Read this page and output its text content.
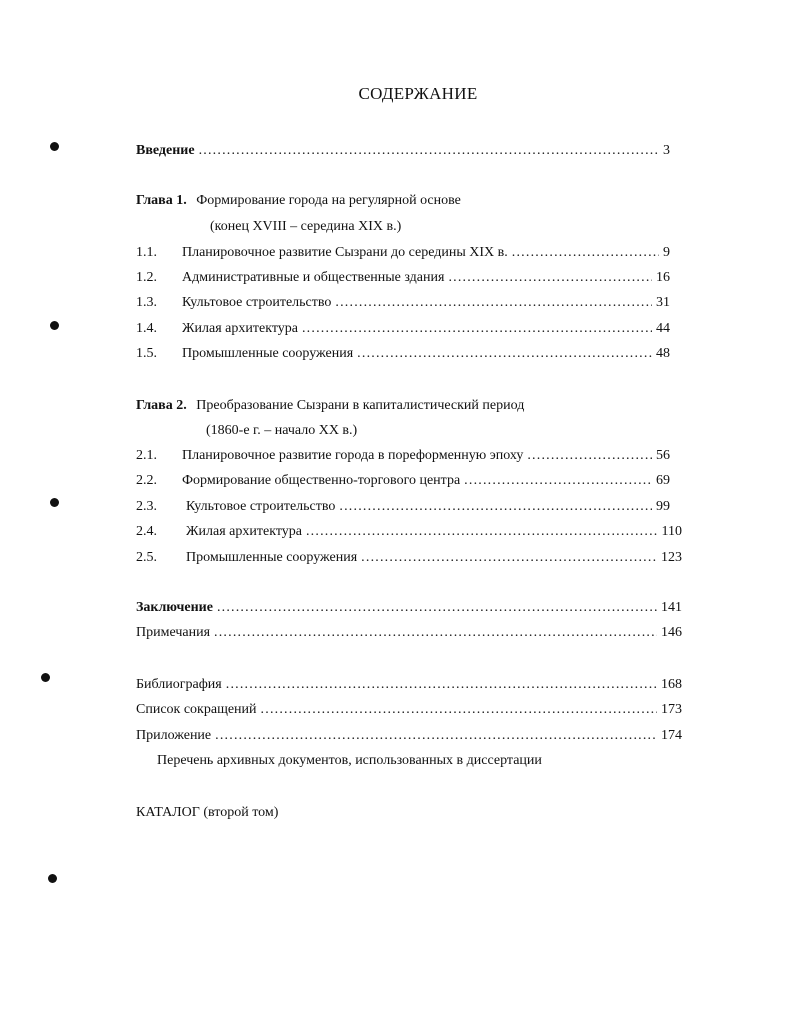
СОДЕРЖАНИЕ
Введение .....	3
Глава 1. Формирование города на регулярной основе
(конец XVIII – середина XIX в.)
1.1.	Планировочное развитие Сызрани до середины XIX в. .....	9
1.2.	Административные и общественные здания .....	16
1.3.	Культовое строительство .....	31
1.4.	Жилая архитектура .....	44
1.5.	Промышленные сооружения .....	48
Глава 2. Преобразование Сызрани в капиталистический период
(1860-е г. – начало XX в.)
2.1.	Планировочное развитие города в пореформенную эпоху .....	56
2.2.	Формирование общественно-торгового центра .....	69
2.3.	Культовое строительство .....	99
2.4.	Жилая архитектура .....	110
2.5.	Промышленные сооружения .....	123
Заключение .....	141
Примечания .....	146
Библиография .....	168
Список сокращений .....	173
Приложение .....	174
Перечень архивных документов, использованных в диссертации
КАТАЛОГ (второй том)
